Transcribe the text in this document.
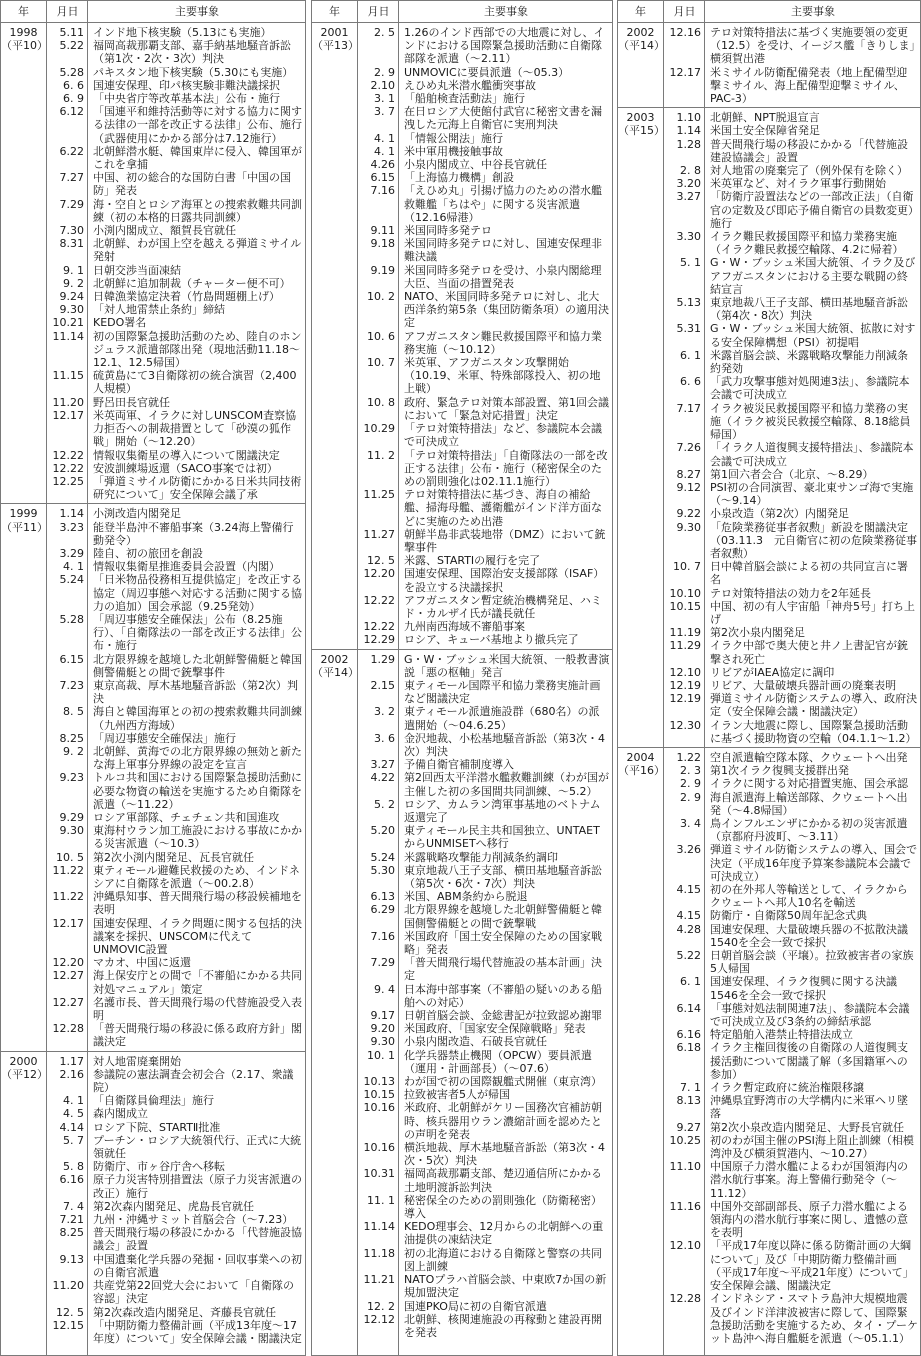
年	月日	主要事象
1998
（平10）
5.11 インド地下核実験（5.13にも実施）
5.22 福岡高裁那覇支部、嘉手納基地騒音訴訟（第1次・2次・3次）判決
5.28 パキスタン地下核実験（5.30にも実施）
6. 6 国連安保理、印パ核実験非難決議採択
6. 9 「中央省庁等改革基本法」公布・施行
6.12 「国連平和維持活動等に対する協力に関する法律の一部を改正する法律」公布、施行（武器使用にかかる部分は7.12施行）
6.22 北朝鮮潜水艇、韓国東岸に侵入、韓国軍がこれを拿捕
7.27 中国、初の総合的な国防白書「中国の国防」発表
7.29 海・空自とロシア海軍との捜索救難共同訓練（初の本格的日露共同訓練）
7.30 小渕内閣成立、額賀長官就任
8.31 北朝鮮、わが国上空を越える弾道ミサイル発射
9. 1 日朝交渉当面凍結
9. 2 北朝鮮に追加制裁（チャーター便不可）
9.24 日韓漁業協定決着（竹島問題棚上げ）
9.30 「対人地雷禁止条約」締結
10.21 KEDO署名
11.14 初の国際緊急援助活動のため、陸自のホンジュラス派遣部隊出発（現地活動11.18～12.1、12.5帰国）
11.15 硫黄島にて3自衛隊初の統合演習（2,400人規模）
11.20 野呂田長官就任
12.17 米英両軍、イラクに対しUNSCOM査察協力拒否への制裁措置として「砂漠の狐作戦」開始（～12.20）
12.22 情報収集衛星の導入について閣議決定
12.22 安波訓練場返還（SACO事案では初）
12.25 「弾道ミサイル防衛にかかる日米共同技術研究について」安全保障会議了承
1999
（平11）
1.14 小渕改造内閣発足
3.23 能登半島沖不審船事案（3.24海上警備行動発令）
3.29 陸自、初の旅団を創設
4. 1 情報収集衛星推進委員会設置（内閣）
5.24 「日米物品役務相互提供協定」を改正する協定（周辺事態へ対応する活動に関する協力の追加）国会承認（9.25発効）
5.28 「周辺事態安全確保法」公布（8.25施行）、「自衛隊法の一部を改正する法律」公布・施行
6.15 北方限界線を越境した北朝鮮警備艇と韓国側警備艇との間で銃撃事件
7.23 東京高裁、厚木基地騒音訴訟（第2次）判決
8. 5 海自と韓国海軍との初の捜索救難共同訓練（九州西方海域）
8.25 「周辺事態安全確保法」施行
9. 2 北朝鮮、黄海での北方限界線の無効と新たな海上軍事分界線の設定を宣言
9.23 トルコ共和国における国際緊急援助活動に必要な物資の輸送を実施するため自衛隊を派遣（～11.22）
9.29 ロシア軍部隊、チェチェン共和国進攻
9.30 東海村ウラン加工施設における事故にかかる災害派遣（～10.3）
10. 5 第2次小渕内閣発足、瓦長官就任
11.22 東ティモール避難民救援のため、インドネシアに自衛隊を派遣（～00.2.8）
11.22 沖縄県知事、普天間飛行場の移設候補地を表明
12.17 国連安保理、イラク問題に関する包括的決議案を採択、UNSCOMに代えてUNMOVIC設置
12.20 マカオ、中国に返還
12.27 海上保安庁との間で「不審船にかかる共同対処マニュアル」策定
12.27 名護市長、普天間飛行場の代替施設受入表明
12.28 「普天間飛行場の移設に係る政府方針」閣議決定
2000
（平12）
1.17 対人地雷廃棄開始
2.16 参議院の憲法調査会初会合（2.17、衆議院）
4. 1 「自衛隊員倫理法」施行
4. 5 森内閣成立
4.14 ロシア下院、STARTⅡ批准
5. 7 プーチン・ロシア大統領代行、正式に大統領就任
5. 8 防衛庁、市ヶ谷庁舎へ移転
6.16 原子力災害特別措置法（原子力災害派遣の改正）施行
7. 4 第2次森内閣発足、虎島長官就任
7.21 九州・沖縄サミット首脳会合（～7.23）
8.25 普天間飛行場の移設にかかる「代替施設協議会」設置
9.13 中国遺棄化学兵器の発掘・回収事業への初の自衛官派遣
11.20 共産党第22回党大会において「自衛隊の容認」決定
12. 5 第2次森改造内閣発足、斉藤長官就任
12.15 「中期防衛力整備計画（平成13年度～17年度）について」安全保障会議・閣議決定
年	月日	主要事象
2001
（平13）
2. 5 1.26のインド西部での大地震に対し、インドにおける国際緊急援助活動に自衛隊部隊を派遣（～2.11）
2. 9 UNMOVICに要員派遣（～05.3）
2.10 えひめ丸米潜水艦衝突事故
3. 1 「船舶検査活動法」施行
3. 7 在日ロシア大使館付武官に秘密文書を漏洩した元海上自衛官に実刑判決
4. 1 「情報公開法」施行
4. 1 米中軍用機接触事故
4.26 小泉内閣成立、中谷長官就任
6.15 「上海協力機構」創設
7.16 「えひめ丸」引揚げ協力のための潜水艦救難艦「ちはや」に関する災害派遣（12.16帰港）
9.11 米国同時多発テロ
9.18 米国同時多発テロに対し、国連安保理非難決議
9.19 米国同時多発テロを受け、小泉内閣総理大臣、当面の措置発表
10. 2 NATO、米国同時多発テロに対し、北大西洋条約第5条（集団防衛条項）の適用決定
10. 6 アフガニスタン難民救援国際平和協力業務実施（～10.12）
10. 7 米英軍、アフガニスタン攻撃開始（10.19、米軍、特殊部隊投入、初の地上戦）
10. 8 政府、緊急テロ対策本部設置、第1回会議において「緊急対応措置」決定
10.29 「テロ対策特措法」など、参議院本会議で可決成立
11. 2 「テロ対策特措法」「自衛隊法の一部を改正する法律」公布・施行（秘密保全のための罰則強化は02.11.1施行）
11.25 テロ対策特措法に基づき、海自の補給艦、掃海母艦、護衛艦がインド洋方面などに実施のため出港
11.27 朝鮮半島非武装地帯（DMZ）において銃撃事件
12. 5 米露、STARTⅠの履行を完了
12.20 国連安保理、国際治安支援部隊（ISAF）を設立する決議採択
12.22 アフガニスタン暫定統治機構発足、ハミド・カルザイ氏が議長就任
12.22 九州南西海域不審船事案
12.29 ロシア、キューバ基地より撤兵完了
2002
（平14）
1.29 G・W・ブッシュ米国大統領、一般教書演説「悪の枢軸」発言
2.15 東ティモール国際平和協力業務実施計画など閣議決定
3. 2 東ティモール派遣施設群（680名）の派遣開始（～04.6.25）
3. 6 金沢地裁、小松基地騒音訴訟（第3次・4次）判決
3.27 予備自衛官補制度導入
4.22 第2回西太平洋潜水艦救難訓練（わが国が主催した初の多国間共同訓練、～5.2）
5. 2 ロシア、カムラン湾軍事基地のベトナム返還完了
5.20 東ティモール民主共和国独立、UNTAETからUNMISETへ移行
5.24 米露戦略攻撃能力削減条約調印
5.30 東京地裁八王子支部、横田基地騒音訴訟（第5次・6次・7次）判決
6.13 米国、ABM条約から脱退
6.29 北方限界線を越境した北朝鮮警備艇と韓国側警備艇との間で銃撃戦
7.16 米国政府「国土安全保障のための国家戦略」発表
7.29 「普天間飛行場代替施設の基本計画」決定
9. 4 日本海中部事案（不審船の疑いのある船舶への対応）
9.17 日朝首脳会談、金総書記が拉致認め謝罪
9.20 米国政府、「国家安全保障戦略」発表
9.30 小泉内閣改造、石破長官就任
10. 1 化学兵器禁止機関（OPCW）要員派遣（運用・計画部長）（～07.6）
10.13 わが国で初の国際観艦式開催（東京湾）
10.15 拉致被害者5人が帰国
10.16 米政府、北朝鮮がケリー国務次官補訪朝時、核兵器用ウラン濃縮計画を認めたとの声明を発表
10.16 横浜地裁、厚木基地騒音訴訟（第3次・4次・5次）判決
10.31 福岡高裁那覇支部、楚辺通信所にかかる土地明渡訴訟判決
11. 1 秘密保全のための罰則強化（防衛秘密）導入
11.14 KEDO理事会、12月からの北朝鮮への重油提供の凍結決定
11.18 初の北海道における自衛隊と警察の共同図上訓練
11.21 NATOプラハ首脳会談、中東欧7か国の新規加盟決定
12. 2 国連PKO局に初の自衛官派遣
12.12 北朝鮮、核関連施設の再稼動と建設再開を発表
年	月日	主要事象
2002
（平14）
12.16 テロ対策特措法に基づく実施要領の変更（12.5）を受け、イージス艦「きりしま」横須賀出港
12.17 米ミサイル防衛配備発表（地上配備型迎撃ミサイル、海上配備型迎撃ミサイル、PAC-3）
2003
（平15）
1.10 北朝鮮、NPT脱退宣言
1.14 米国土安全保障省発足
1.28 普天間飛行場の移設にかかる「代替施設建設協議会」設置
2. 8 対人地雷の廃棄完了（例外保有を除く）
3.20 米英軍など、対イラク軍事行動開始
3.27 「防衛庁設置法などの一部改正法」（自衛官の定数及び即応予備自衛官の員数変更）施行
3.30 イラク難民救援国際平和協力業務実施（イラク難民救援空輸隊、4.2に帰着）
5. 1 G・W・ブッシュ米国大統領、イラク及びアフガニスタンにおける主要な戦闘の終結宣言
5.13 東京地裁八王子支部、横田基地騒音訴訟（第4次・8次）判決
5.31 G・W・ブッシュ米国大統領、拡散に対する安全保障構想（PSI）初提唱
6. 1 米露首脳会談、米露戦略攻撃能力削減条約発効
6. 6 「武力攻撃事態対処関連3法」、参議院本会議で可決成立
7.17 イラク被災民救援国際平和協力業務の実施（イラク被災民救援空輸隊、8.18総員帰国）
7.26 「イラク人道復興支援特措法」、参議院本会議で可決成立
8.27 第1回六者会合（北京、～8.29）
9.12 PSI初の合同演習、豪北東サンゴ海で実施（～9.14）
9.22 小泉改造（第2次）内閣発足
9.30 「危険業務従事者叙勲」新設を閣議決定（03.11.3　元自衛官に初の危険業務従事者叙勲）
10. 7 日中韓首脳会談による初の共同宣言に署名
10.10 テロ対策特措法の効力を2年延長
10.15 中国、初の有人宇宙船「神舟5号」打ち上げ
11.19 第2次小泉内閣発足
11.29 イラク中部で奥大使と井ノ上書記官が銃撃され死亡
12.10 リビアがIAEA協定に調印
12.19 リビア、大量破壊兵器計画の廃棄表明
12.19 弾道ミサイル防衛システムの導入、政府決定（安全保障会議・閣議決定）
12.30 イラン大地震に際し、国際緊急援助活動に基づく援助物資の空輸（04.1.1～1.2）
2004
（平16）
1.22 空自派遣輸空隊本隊、クウェートへ出発
2. 3 第1次イラク復興支援群出発
2. 9 イラクに関する対応措置実施、国会承認
2. 9 海自派遣海上輸送部隊、クウェートへ出発（～4.8帰国）
3. 4 鳥インフルエンザにかかる初の災害派遣（京都府丹波町、～3.11）
3.26 弾道ミサイル防衛システムの導入、国会で決定（平成16年度予算案参議院本会議で可決成立）
4.15 初の在外邦人等輸送として、イラクからクウェートへ邦人10名を輸送
4.15 防衛庁・自衛隊50周年記念式典
4.28 国連安保理、大量破壊兵器の不拡散決議1540を全会一致で採択
5.22 日朝首脳会談（平壌）。拉致被害者の家族5人帰国
6. 1 国連安保理、イラク復興に関する決議1546を全会一致で採択
6.14 「事態対処法制関連7法」、参議院本会議で可決成立及び3条約の締結承認
6.16 特定船舶入港禁止特措法成立
6.18 イラク主権回復後の自衛隊の人道復興支援活動について閣議了解（多国籍軍への参加）
7. 1 イラク暫定政府に統治権限移譲
8.13 沖縄県宜野湾市の大学構内に米軍ヘリ墜落
9.27 第2次小泉改造内閣発足、大野長官就任
10.25 初のわが国主催のPSI海上阻止訓練（相模湾沖及び横須賀港内、～10.27）
11.10 中国原子力潜水艦によるわが国領海内の潜水航行事案。海上警備行動発令（～11.12）
11.16 中国外交部副部長、原子力潜水艦による領海内の潜水航行事案に関し、遺憾の意を表明
12.10 「平成17年度以降に係る防衛計画の大綱について」及び「中期防衛力整備計画（平成17年度～平成21年度）について」安全保障会議、閣議決定
12.28 インドネシア・スマトラ島沖大規模地震及びインド洋津波被害に際して、国際緊急援助活動を実施するため、タイ・プーケット島沖へ海自艦艇を派遣（～05.1.1）
